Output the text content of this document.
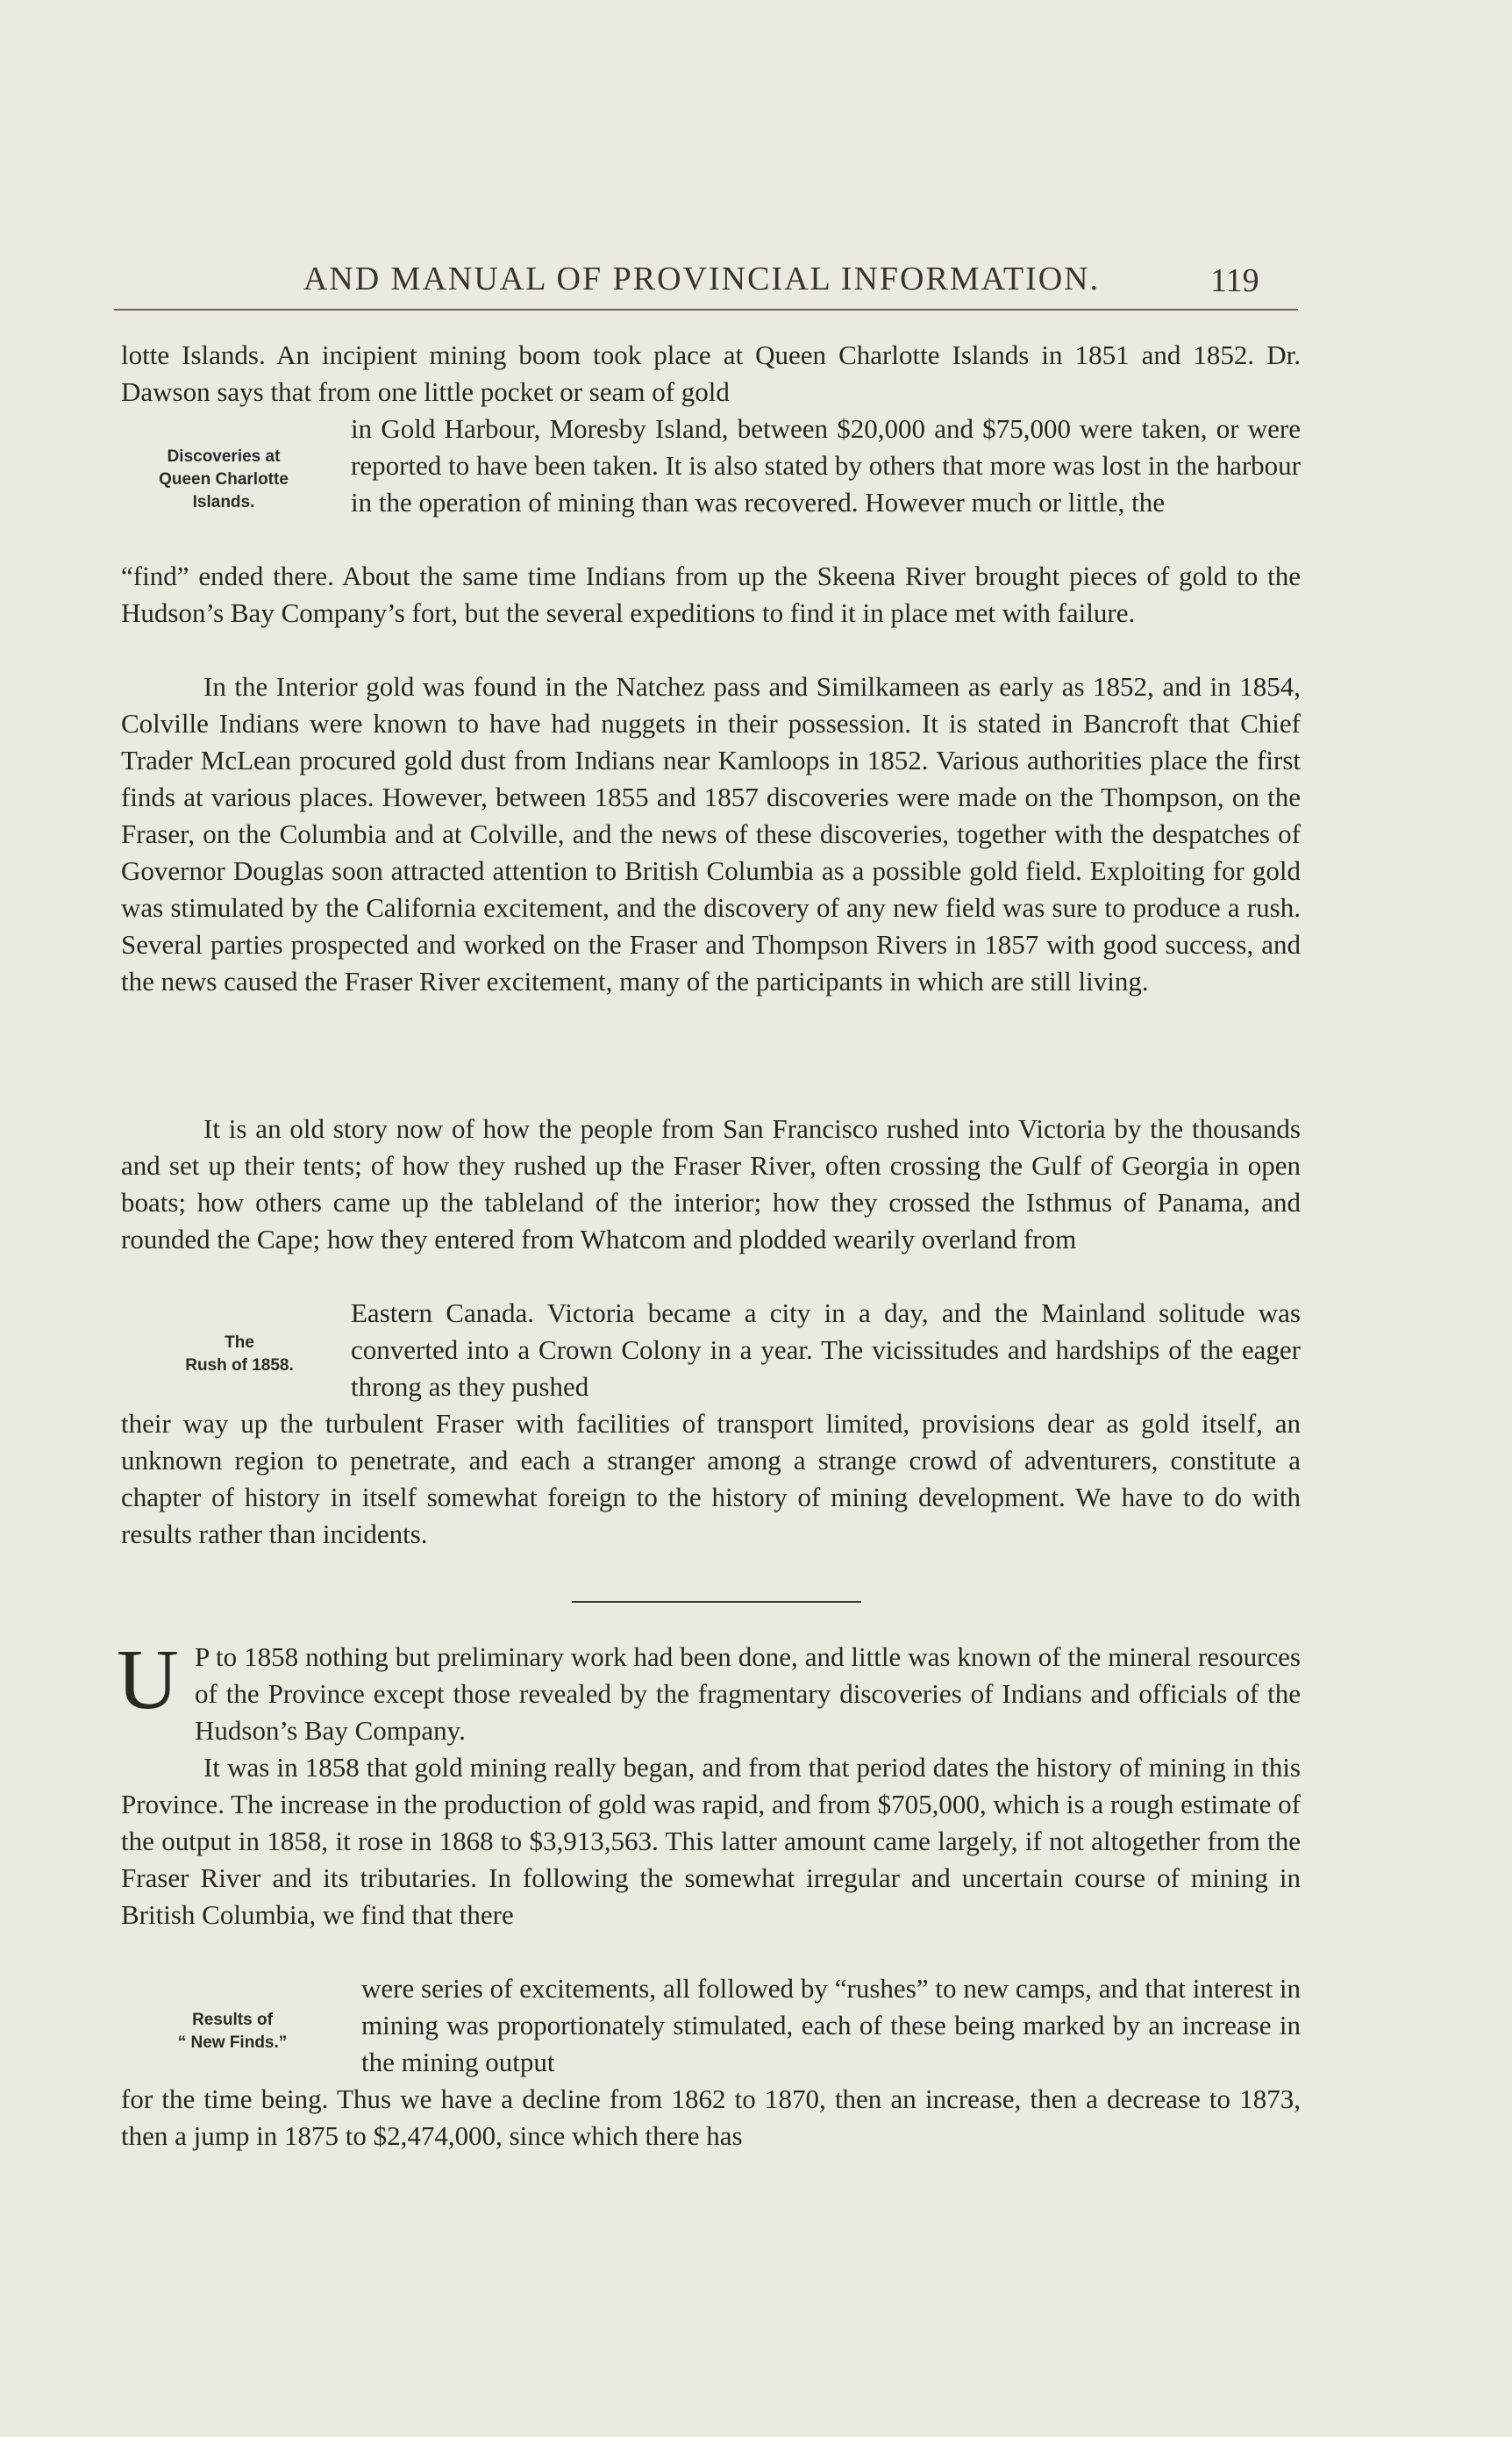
AND MANUAL OF PROVINCIAL INFORMATION.	119

lotte Islands. An incipient mining boom took place at Queen Charlotte Islands in 1851 and 1852. Dr. Dawson says that from one little pocket or seam of gold

Discoveries at
Queen Charlotte
Islands.

in Gold Harbour, Moresby Island, between $20,000 and $75,000 were taken, or were reported to have been taken. It is also stated by others that more was lost in the harbour in the operation of mining than was recovered. However much or little, the

“find” ended there. About the same time Indians from up the Skeena River brought pieces of gold to the Hudson’s Bay Company’s fort, but the several expeditions to find it in place met with failure.

In the Interior gold was found in the Natchez pass and Similkameen as early as 1852, and in 1854, Colville Indians were known to have had nuggets in their possession. It is stated in Bancroft that Chief Trader McLean procured gold dust from Indians near Kamloops in 1852. Various authorities place the first finds at various places. However, between 1855 and 1857 discoveries were made on the Thompson, on the Fraser, on the Columbia and at Colville, and the news of these discoveries, together with the despatches of Governor Douglas soon attracted attention to British Columbia as a possible gold field. Exploiting for gold was stimulated by the California excitement, and the discovery of any new field was sure to produce a rush. Several parties prospected and worked on the Fraser and Thompson Rivers in 1857 with good success, and the news caused the Fraser River excitement, many of the participants in which are still living.

It is an old story now of how the people from San Francisco rushed into Victoria by the thousands and set up their tents; of how they rushed up the Fraser River, often crossing the Gulf of Georgia in open boats; how others came up the tableland of the interior; how they crossed the Isthmus of Panama, and rounded the Cape; how they entered from Whatcom and plodded wearily overland from

The
Rush of 1858.

Eastern Canada. Victoria became a city in a day, and the Mainland solitude was converted into a Crown Colony in a year. The vicissitudes and hardships of the eager throng as they pushed

their way up the turbulent Fraser with facilities of transport limited, provisions dear as gold itself, an unknown region to penetrate, and each a stranger among a strange crowd of adventurers, constitute a chapter of history in itself somewhat foreign to the history of mining development. We have to do with results rather than incidents.

U P to 1858 nothing but preliminary work had been done, and little was known of the mineral resources of the Province except those revealed by the fragmentary discoveries of Indians and officials of the Hudson’s Bay Company.

It was in 1858 that gold mining really began, and from that period dates the history of mining in this Province. The increase in the production of gold was rapid, and from $705,000, which is a rough estimate of the output in 1858, it rose in 1868 to $3,913,563. This latter amount came largely, if not altogether from the Fraser River and its tributaries. In following the somewhat irregular and uncertain course of mining in British Columbia, we find that there

Results of
“ New Finds.”

were series of excitements, all followed by “rushes” to new camps, and that interest in mining was proportionately stimulated, each of these being marked by an increase in the mining output

for the time being. Thus we have a decline from 1862 to 1870, then an increase, then a decrease to 1873, then a jump in 1875 to $2,474,000, since which there has
